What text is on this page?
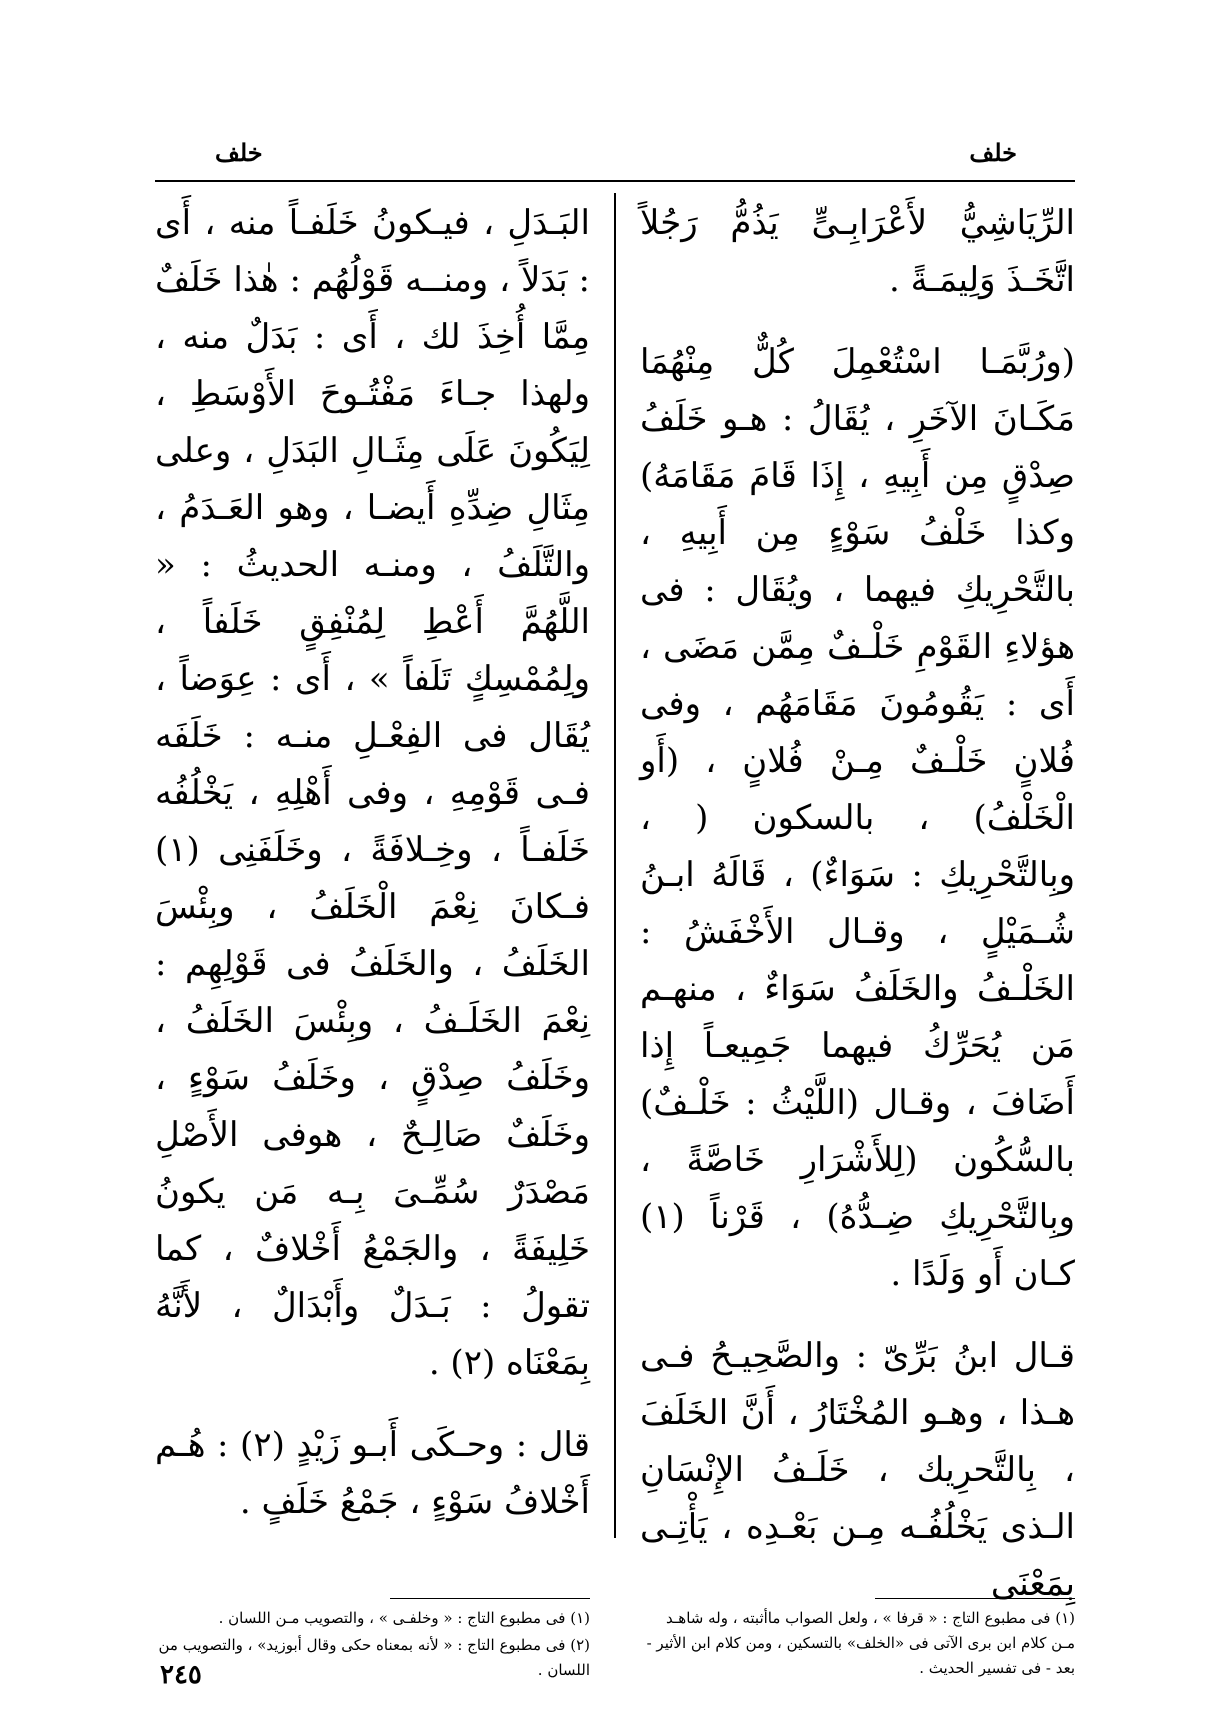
خلف
خلف

الرِّيَاشِيُّ لأَعْرَابِـىٍّ يَذُمُّ رَجُلاً اتَّخَـذَ وَلِيمَـةً .

(ورُبَّمَـا اسْتُعْمِلَ كُلٌّ مِنْهُمَا مَكَـانَ الآخَرِ ، يُقَالُ : هـو خَلَفُ صِدْقٍ مِن أَبِيهِ ، إِذَا قَامَ مَقَامَهُ) وكذا خَلْفُ سَوْءٍ مِن أَبِيهِ ، بالتَّحْرِيكِ فيهما ، ويُقَال : فى هؤلاءِ القَوْمِ خَلْـفٌ مِمَّن مَضَى ، أَى : يَقُومُونَ مَقَامَهُم ، وفى فُلانٍ خَلْـفٌ مِـنْ فُلانٍ ، (أَو الْخَلْفُ) ، بالسكون ( ، وبِالتَّحْرِيكِ : سَوَاءٌ) ، قَالَهُ ابـنُ شُـمَيْلٍ ، وقـال الأَخْفَشُ : الخَلْـفُ والخَلَفُ سَوَاءٌ ، منهـم مَن يُحَرِّكُ فيهما جَمِيعـاً إِذا أَضَافَ ، وقـال (اللَّيْثُ : خَلْـفٌ) بالسُّكُون (لِلأَشْرَارِ خَاصَّةً ، وبِالتَّحْرِيكِ ضِـدُّهُ) ، قَرْناً (١) كـان أَو وَلَدًا .

قـال ابنُ بَرِّىّ : والصَّحِيـحُ فـى هـذا ، وهـو المُخْتَارُ ، أَنَّ الخَلَفَ ، بِالتَّحرِيك ، خَلَـفُ الإِنْسَانِ الـذى يَخْلُفُـه مِـن بَعْـدِه ، يَأْتِـى بِمَعْنَى

البَـدَلِ ، فيـكونُ خَلَفـاً منه ، أَى : بَدَلاً ، ومنــه قَوْلُهُم : هٰذا خَلَفٌ مِمَّا أُخِذَ لك ، أَى : بَدَلٌ منه ، ولهذا جـاءَ مَفْتُـوحَ الأَوْسَطِ ، لِيَكُونَ عَلَى مِثَـالِ البَدَلِ ، وعلى مِثَالِ ضِدِّهِ أَيضـا ، وهو العَـدَمُ ، والتَّلَفُ ، ومنـه الحديثُ : « اللَّهُمَّ أَعْطِ لِمُنْفِقٍ خَلَفاً ، ولِمُمْسِكٍ تَلَفاً » ، أَى : عِوَضاً ، يُقَال فى الفِعْـلِ منـه : خَلَفَه فـى قَوْمِهِ ، وفى أَهْلِهِ ، يَخْلُفُه خَلَفـاً ، وخِـلافَةً ، وخَلَفَنِى (١) فـكانَ نِعْمَ الْخَلَفُ ، وبِئْسَ الخَلَفُ ، والخَلَفُ فى قَوْلِهِم : نِعْمَ الخَلَـفُ ، وبِئْسَ الخَلَفُ ، وخَلَفُ صِدْقٍ ، وخَلَفُ سَوْءٍ ، وخَلَفٌ صَالِـحٌ ، هوفى الأَصْلِ مَصْدَرٌ سُمِّـىَ بِـه مَن يكونُ خَلِيفَةً ، والجَمْعُ أَخْلافٌ ، كما تقولُ : بَـدَلٌ وأَبْدَالٌ ، لأَنَّهُ بِمَعْنَاه (٢) .

قال : وحـكَى أَبـو زَيْدٍ (٢) : هُـم أَخْلافُ سَوْءٍ ، جَمْعُ خَلَفٍ .

(١) فى مطبوع التاج : « قرفا » ، ولعل الصواب ماأثبته ، وله شاهـد مـن كلام ابن برى الآتى فى «الخلف» بالتسكين ، ومن كلام ابن الأثير - بعد - فى تفسير الحديث .

(١) فى مطبوع التاج : « وخلفـى » ، والتصويب مـن اللسان .

(٢) فى مطبوع التاج : « لأنه بمعناه حكى وقال أبوزيد» ، والتصويب من اللسان .

٢٤٥
